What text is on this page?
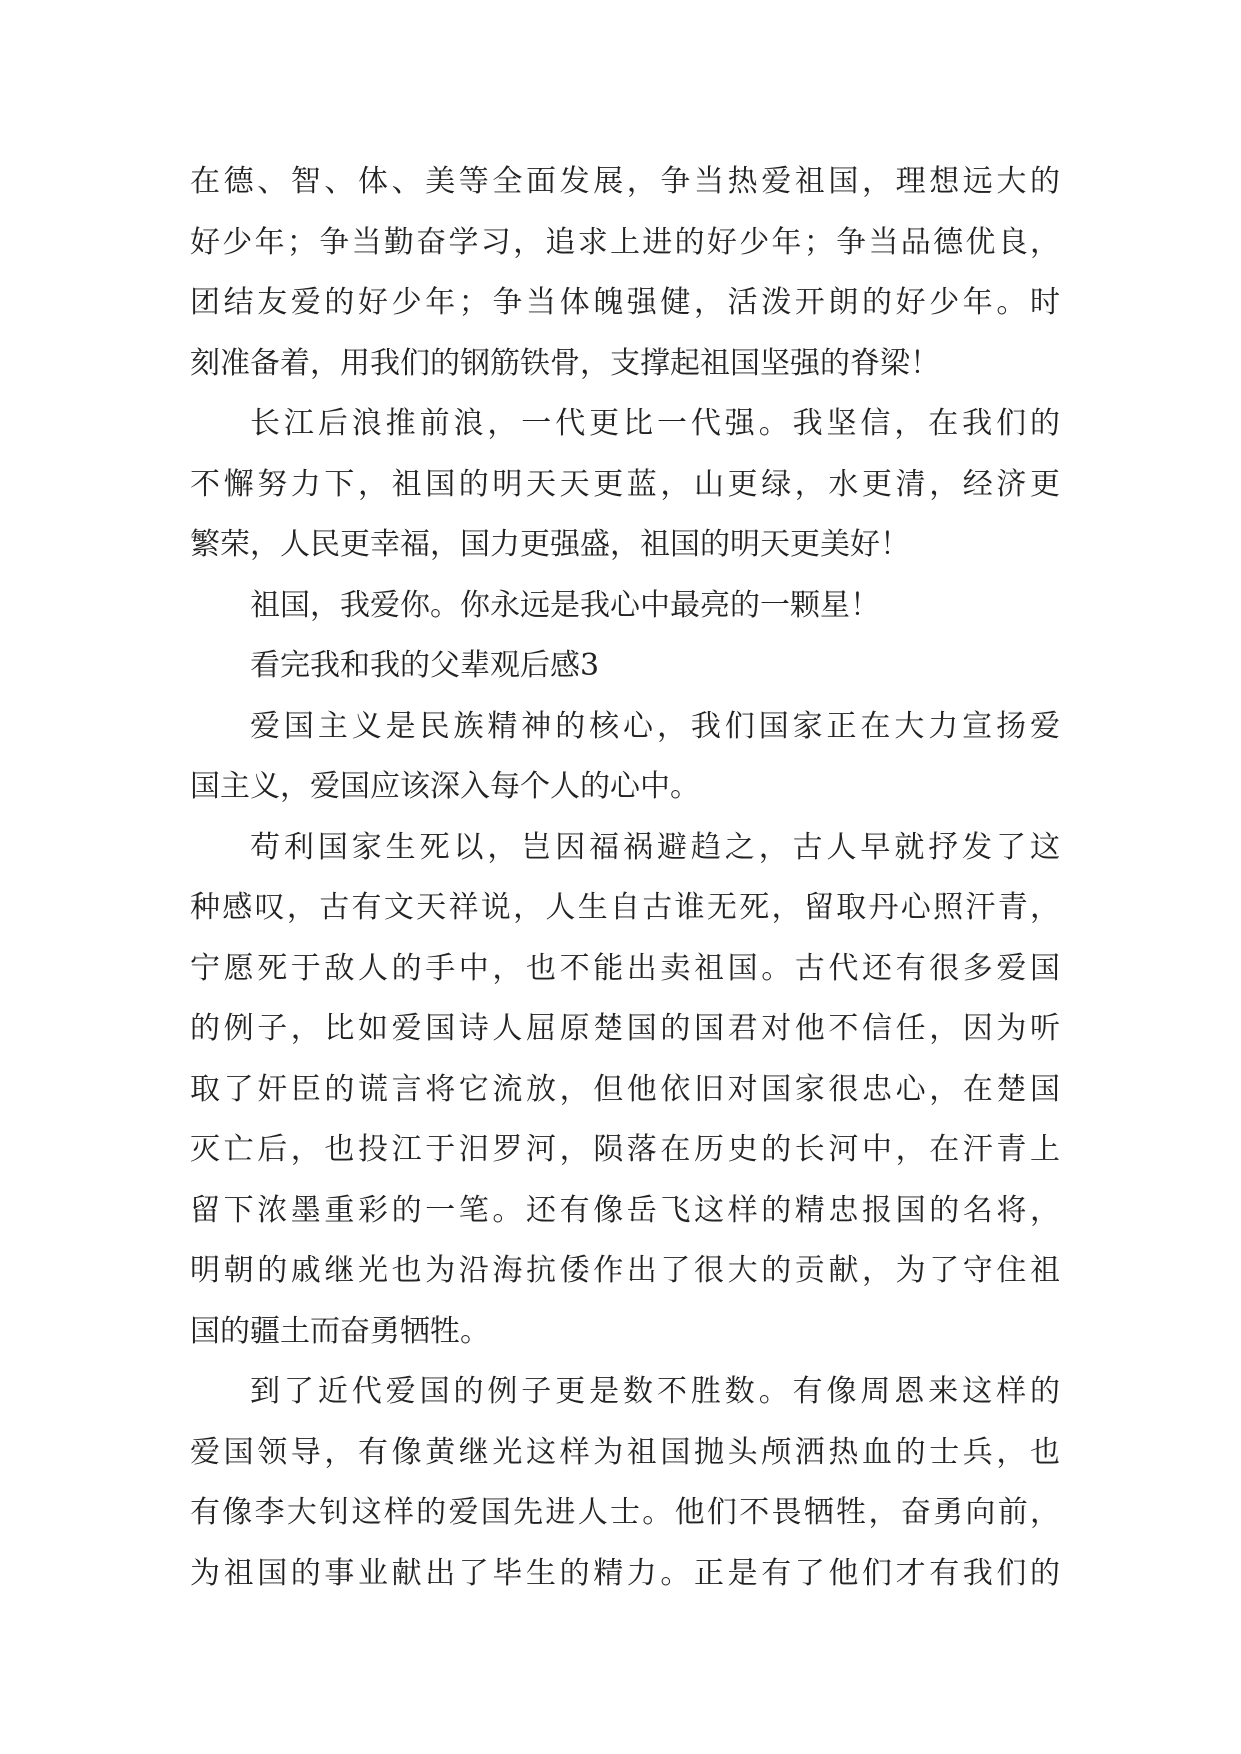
在德、智、体、美等全面发展，争当热爱祖国，理想远大的
好少年；争当勤奋学习，追求上进的好少年；争当品德优良，
团结友爱的好少年；争当体魄强健，活泼开朗的好少年。时
刻准备着，用我们的钢筋铁骨，支撑起祖国坚强的脊梁！
长江后浪推前浪，一代更比一代强。我坚信，在我们的
不懈努力下，祖国的明天天更蓝，山更绿，水更清，经济更
繁荣，人民更幸福，国力更强盛，祖国的明天更美好！
祖国，我爱你。你永远是我心中最亮的一颗星！
看完我和我的父辈观后感3
爱国主义是民族精神的核心，我们国家正在大力宣扬爱
国主义，爱国应该深入每个人的心中。
苟利国家生死以，岂因福祸避趋之，古人早就抒发了这
种感叹，古有文天祥说，人生自古谁无死，留取丹心照汗青，
宁愿死于敌人的手中，也不能出卖祖国。古代还有很多爱国
的例子，比如爱国诗人屈原楚国的国君对他不信任，因为听
取了奸臣的谎言将它流放，但他依旧对国家很忠心，在楚国
灭亡后，也投江于汨罗河，陨落在历史的长河中，在汗青上
留下浓墨重彩的一笔。还有像岳飞这样的精忠报国的名将，
明朝的戚继光也为沿海抗倭作出了很大的贡献，为了守住祖
国的疆土而奋勇牺牲。
到了近代爱国的例子更是数不胜数。有像周恩来这样的
爱国领导，有像黄继光这样为祖国抛头颅洒热血的士兵，也
有像李大钊这样的爱国先进人士。他们不畏牺牲，奋勇向前，
为祖国的事业献出了毕生的精力。正是有了他们才有我们的
